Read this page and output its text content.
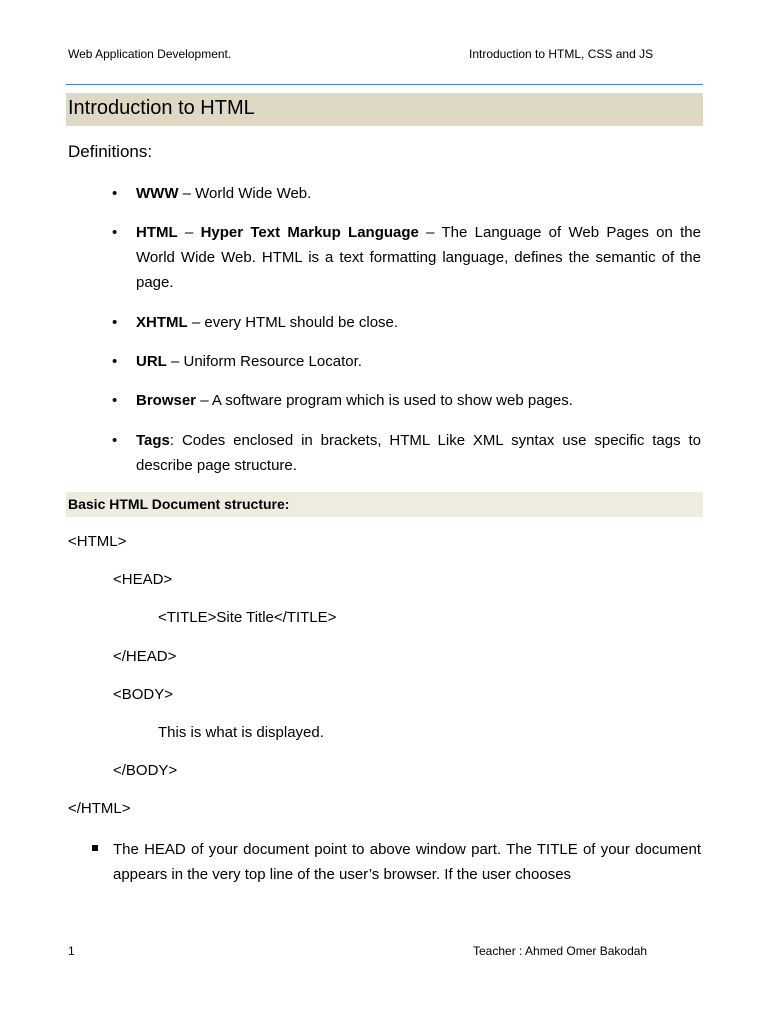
Web Application Development.	Introduction to HTML, CSS and JS
Introduction to HTML
Definitions:
• WWW – World Wide Web.
• HTML – Hyper Text Markup Language – The Language of Web Pages on the World Wide Web. HTML is a text formatting language, defines the semantic of the page.
• XHTML – every HTML should be close.
• URL – Uniform Resource Locator.
• Browser – A software program which is used to show web pages.
• Tags: Codes enclosed in brackets, HTML Like XML syntax use specific tags to describe page structure.
Basic HTML Document structure:
<HTML>
<HEAD>
<TITLE>Site Title</TITLE>
</HEAD>
<BODY>
This is what is displayed.
</BODY>
</HTML>
The HEAD of your document point to above window part. The TITLE of your document appears in the very top line of the user’s browser. If the user chooses
1	Teacher : Ahmed Omer Bakodah
